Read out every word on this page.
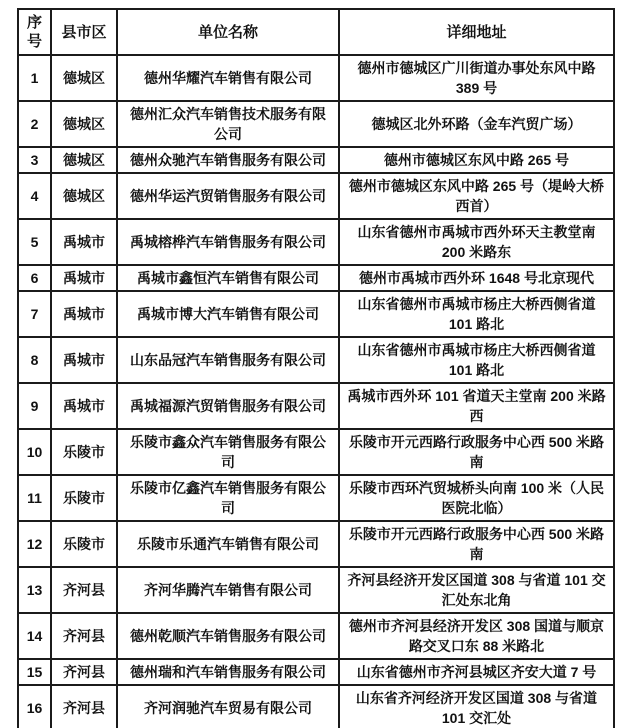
序号	县市区	单位名称	详细地址
1	德城区	德州华耀汽车销售有限公司	德州市德城区广川街道办事处东风中路 389 号
2	德城区	德州汇众汽车销售技术服务有限公司	德城区北外环路（金车汽贸广场）
3	德城区	德州众驰汽车销售服务有限公司	德州市德城区东风中路 265 号
4	德城区	德州华运汽贸销售服务有限公司	德州市德城区东风中路 265 号（堤岭大桥西首）
5	禹城市	禹城榕桦汽车销售服务有限公司	山东省德州市禹城市西外环天主教堂南 200 米路东
6	禹城市	禹城市鑫恒汽车销售有限公司	德州市禹城市西外环 1648 号北京现代
7	禹城市	禹城市博大汽车销售有限公司	山东省德州市禹城市杨庄大桥西侧省道 101 路北
8	禹城市	山东品冠汽车销售服务有限公司	山东省德州市禹城市杨庄大桥西侧省道 101 路北
9	禹城市	禹城福源汽贸销售服务有限公司	禹城市西外环 101 省道天主堂南 200 米路西
10	乐陵市	乐陵市鑫众汽车销售服务有限公司	乐陵市开元西路行政服务中心西 500 米路南
11	乐陵市	乐陵市亿鑫汽车销售服务有限公司	乐陵市西环汽贸城桥头向南 100 米（人民医院北临）
12	乐陵市	乐陵市乐通汽车销售有限公司	乐陵市开元西路行政服务中心西 500 米路南
13	齐河县	齐河华腾汽车销售有限公司	齐河县经济开发区国道 308 与省道 101 交汇处东北角
14	齐河县	德州乾顺汽车销售服务有限公司	德州市齐河县经济开发区 308 国道与顺京路交叉口东 88 米路北
15	齐河县	德州瑞和汽车销售服务有限公司	山东省德州市齐河县城区齐安大道 7 号
16	齐河县	齐河润驰汽车贸易有限公司	山东省齐河经济开发区国道 308 与省道 101 交汇处
